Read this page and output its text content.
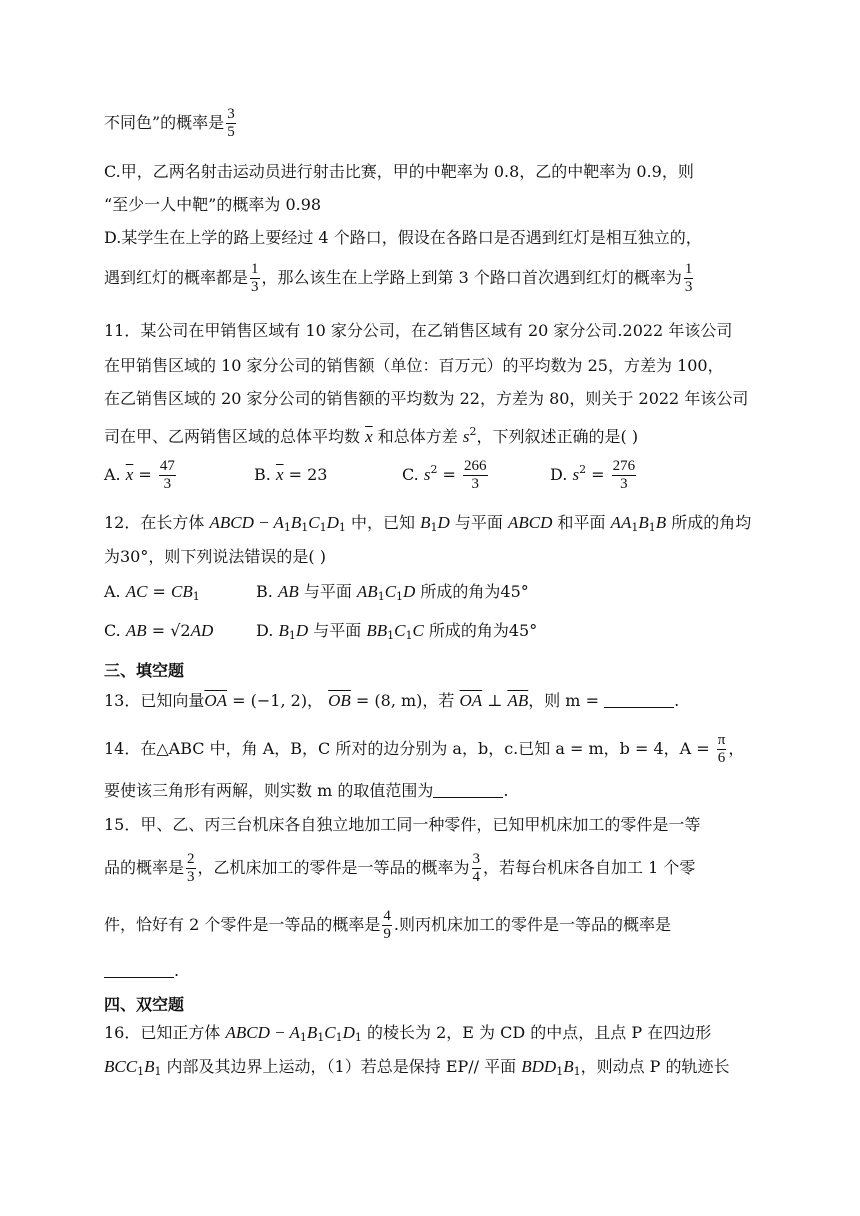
不同色”的概率是 $\frac{3}{5}$
C.甲，乙两名射击运动员进行射击比赛，甲的中靶率为 0.8，乙的中靶率为 0.9，则
“至少一人中靶”的概率为 0.98
D.某学生在上学的路上要经过 4 个路口，假设在各路口是否遇到红灯是相互独立的，
遇到红灯的概率都是 $\frac{1}{3}$ ，那么该生在上学路上到第 3 个路口首次遇到红灯的概率为 $\frac{1}{3}$
11．某公司在甲销售区域有 10 家分公司，在乙销售区域有 20 家分公司.2022 年该公司
在甲销售区域的 10 家分公司的销售额（单位：百万元）的平均数为 25，方差为 100，
在乙销售区域的 20 家分公司的销售额的平均数为 22，方差为 80，则关于 2022 年该公司
司在甲、乙两销售区域的总体平均数 $\overline{x}$ 和总体方差 $s^2$，下列叙述正确的是( )
A. $\overline{x} = \frac{47}{3}$	B. $\overline{x} = 23$	C. $s^2 = \frac{266}{3}$	D. $s^2 = \frac{276}{3}$
12．在长方体 ABCD − $A_1B_1C_1D_1$ 中，已知 $B_1D$ 与平面 ABCD 和平面 $AA_1B_1B$ 所成的角均
为30°，则下列说法错误的是( )
A. AC = $CB_1$	B. AB 与平面 $AB_1C_1D$ 所成的角为45°
C. AB = √2AD	D. $B_1D$ 与平面 $BB_1C_1C$ 所成的角为45°
三、填空题
13．已知向量$\overline{OA} = (-1$, 2)， $\overline{OB} = (8$, m)，若 $\overline{OA}$ ⊥ $\overline{AB}$，则 m =	.
14．在△ABC 中，角 A，B，C 所对的边分别为 a，b，c.已知 a = m，b = 4，$A = \frac{\pi}{6}$ ，
要使该三角形有两解，则实数 m 的取值范围为	.
15．甲、乙、丙三台机床各自独立地加工同一种零件，已知甲机床加工的零件是一等
品的概率是 $\frac{2}{3}$ ，乙机床加工的零件是一等品的概率为 $\frac{3}{4}$ ，若每台机床各自加工 1 个零
件，恰好有 2 个零件是一等品的概率是 $\frac{4}{9}$ .则丙机床加工的零件是一等品的概率是
.
四、双空题
16．已知正方体 ABCD − $A_1B_1C_1D_1$ 的棱长为 2，E 为 CD 的中点，且点 P 在四边形
$BCC_1B_1$ 内部及其边界上运动，（1）若总是保持 EP// 平面 $BDD_1B_1$，则动点 P 的轨迹长
